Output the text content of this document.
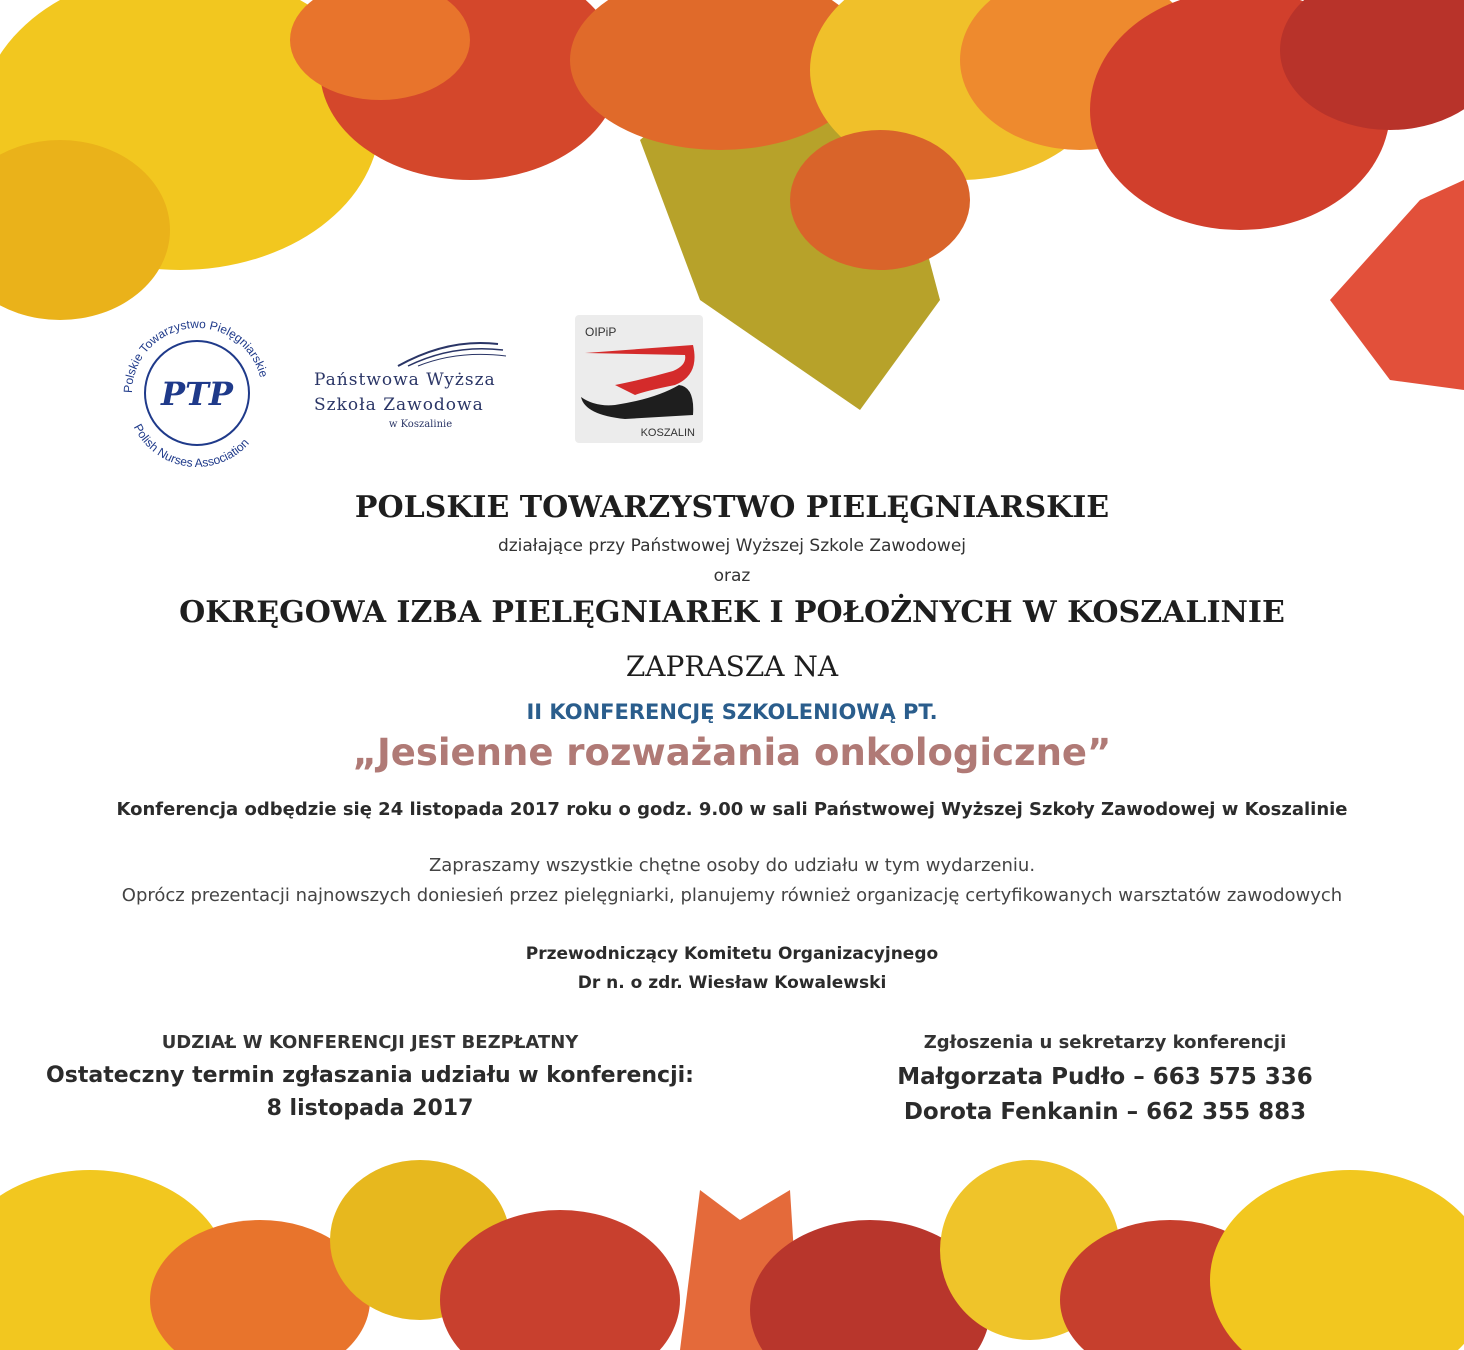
Polskie Towarzystwo Pielęgniarskie
Polish Nurses Association
PTP	Państwowa Wyższa
Szkoła Zawodowa
w Koszalinie
OIPiP
KOSZALIN
POLSKIE TOWARZYSTWO PIELĘGNIARSKIE
działające przy Państwowej Wyższej Szkole Zawodowej
oraz
OKRĘGOWA IZBA PIELĘGNIAREK I POŁOŻNYCH W KOSZALINIE
ZAPRASZA NA
II KONFERENCJĘ SZKOLENIOWĄ PT.
„Jesienne rozważania onkologiczne”
Konferencja odbędzie się 24 listopada 2017 roku o godz. 9.00 w sali Państwowej Wyższej Szkoły Zawodowej w Koszalinie
Zapraszamy wszystkie chętne osoby do udziału w tym wydarzeniu.
Oprócz prezentacji najnowszych doniesień przez pielęgniarki, planujemy również organizację certyfikowanych warsztatów zawodowych
Przewodniczący Komitetu Organizacyjnego
Dr n. o zdr. Wiesław Kowalewski
UDZIAŁ W KONFERENCJI JEST BEZPŁATNY
Ostateczny termin zgłaszania udziału w konferencji:
8 listopada 2017
Zgłoszenia u sekretarzy konferencji
Małgorzata Pudło – 663 575 336
Dorota Fenkanin – 662 355 883
